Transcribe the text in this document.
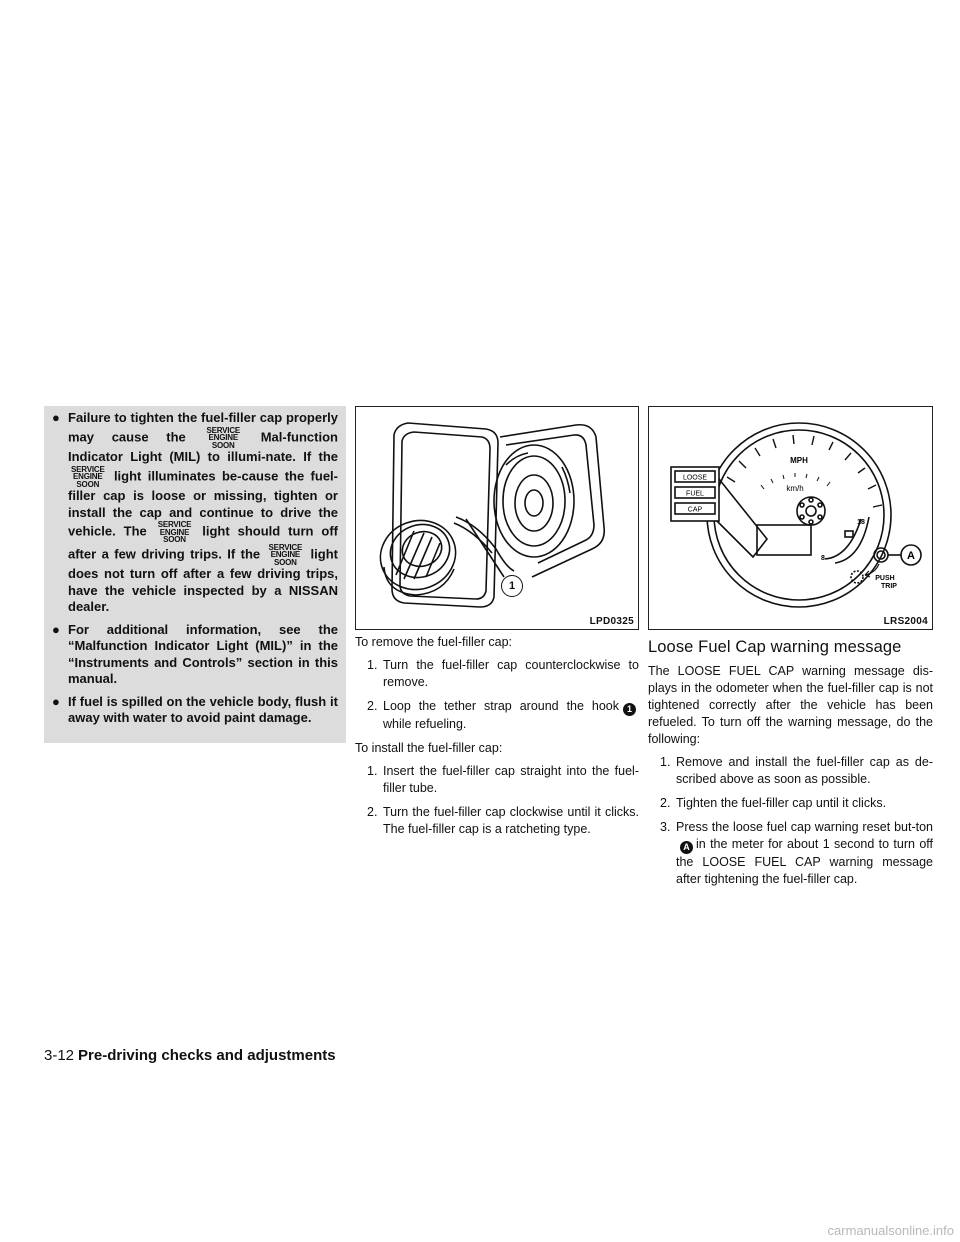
● Failure to tighten the fuel-filler cap properly may cause the	SERVICE
ENGINE
SOON
Mal-function Indicator Light (MIL) to illumi-nate. If the
SERVICE
ENGINE
SOON
light illuminates be-cause the fuel-filler cap is loose or missing, tighten or install the cap and continue to drive the vehicle. The SERVICE
ENGINE
SOON
light should turn off after a few driving trips. If the SERVICE
ENGINE
SOON
light does not turn off after a few driving trips, have the vehicle inspected by a NISSAN dealer.
● For additional information, see the “Malfunction Indicator Light (MIL)” in the “Instruments and Controls” section in this manual.
● If fuel is spilled on the vehicle body, flush it away with water to avoid paint damage.
1
LPD0325

To remove the fuel-filler cap:

1. Turn the fuel-filler cap counterclockwise to remove.
2. Loop the tether strap around the hook 1while refueling.

To install the fuel-filler cap:

1. Insert the fuel-filler cap straight into the fuel-filler tube.
2. Turn the fuel-filler cap clockwise until it clicks. The fuel-filler cap is a ratcheting type.
MPH
km/h
LOOSE
FUEL
CAP
18
8	A
PUSH
TRIP
LRS2004
Loose Fuel Cap warning message

The LOOSE FUEL CAP warning message dis-plays in the odometer when the fuel-filler cap is not tightened correctly after the vehicle has been refueled. To turn off the warning message, do the following:

1. Remove and install the fuel-filler cap as de-scribed above as soon as possible.
2. Tighten the fuel-filler cap until it clicks.
3. Press the loose fuel cap warning reset but-tonA in the meter for about 1 second to turn off the LOOSE FUEL CAP warning message after tightening the fuel-filler cap.
3-12 Pre-driving checks and adjustments
carmanualsonline.info
